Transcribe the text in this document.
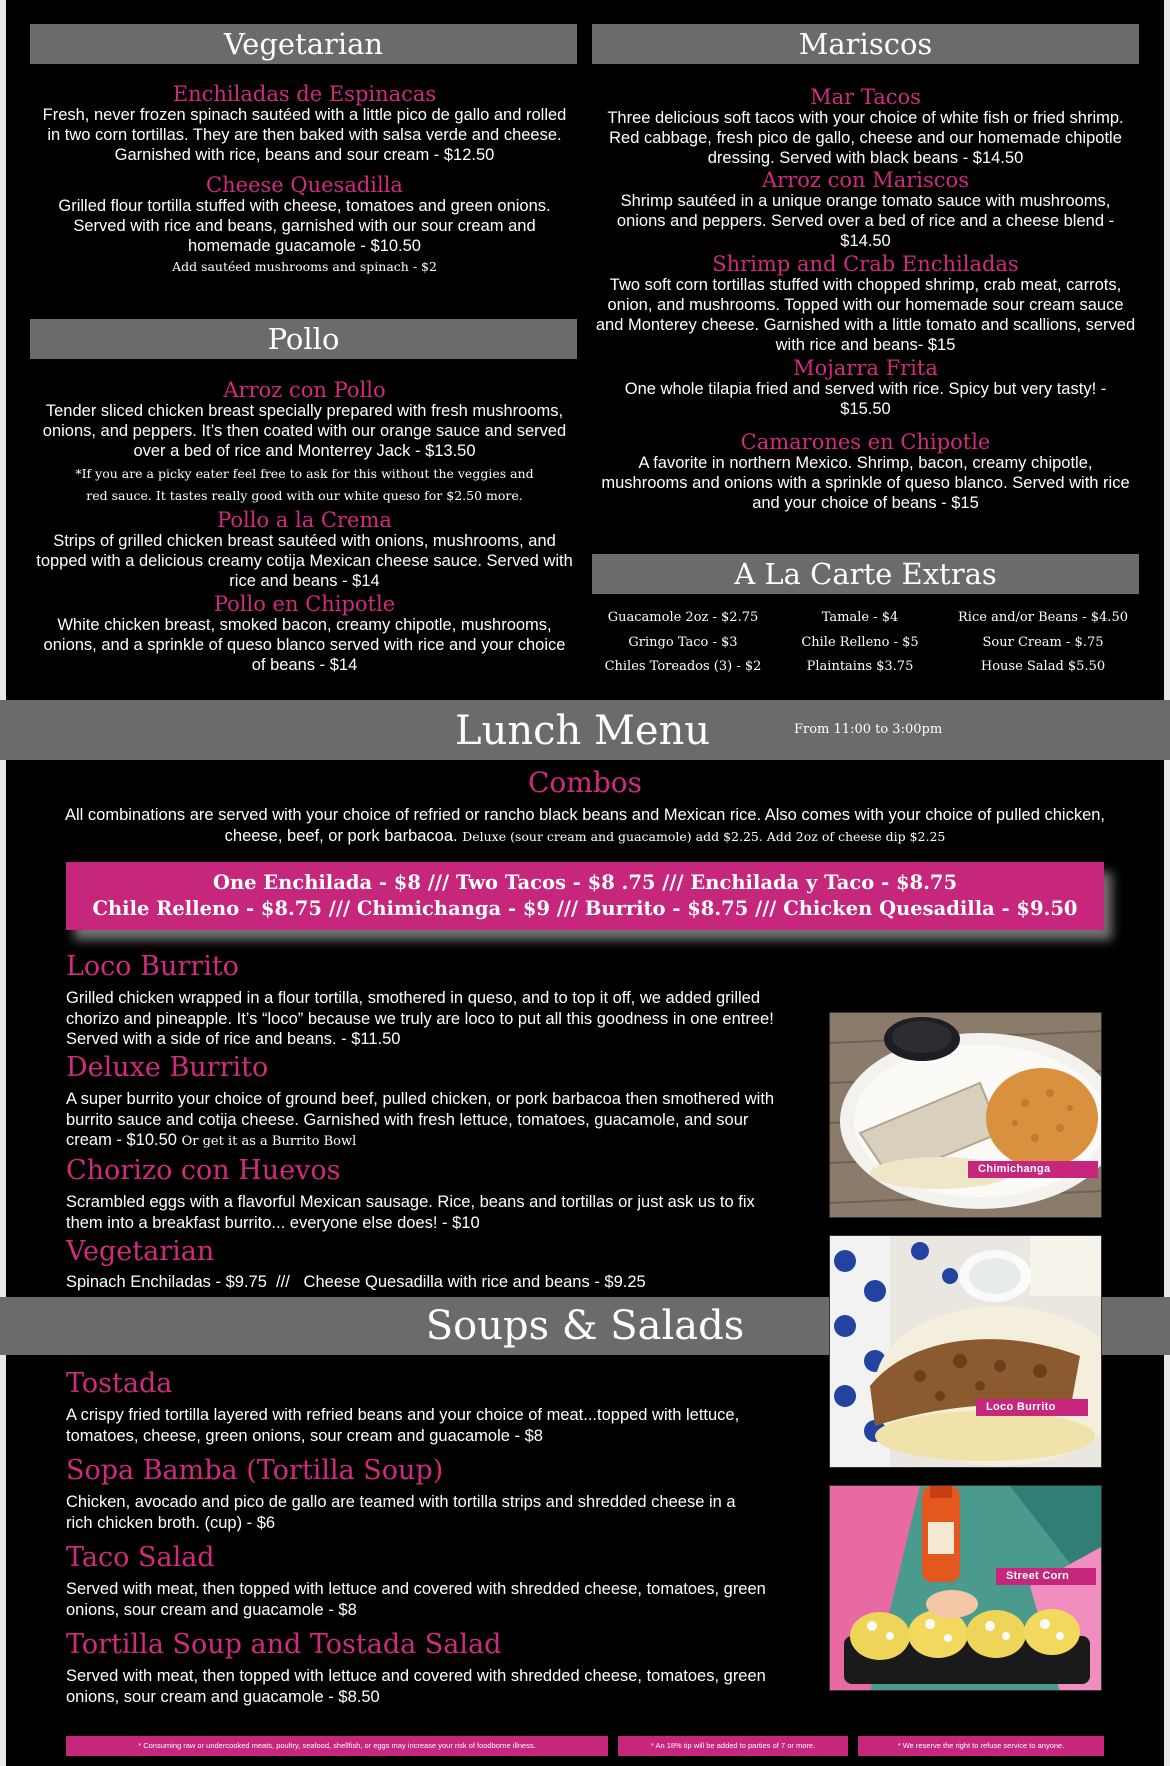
Vegetarian	Mariscos
Enchiladas de Espinacas
Fresh, never frozen spinach sautéed with a little pico de gallo and rolled in two corn tortillas. They are then baked with salsa verde and cheese. Garnished with rice, beans and sour cream - $12.50
Cheese Quesadilla
Grilled flour tortilla stuffed with cheese, tomatoes and green onions. Served with rice and beans, garnished with our sour cream and homemade guacamole - $10.50
Add sautéed mushrooms and spinach - $2
Pollo
Arroz con Pollo
Tender sliced chicken breast specially prepared with fresh mushrooms, onions, and peppers. It’s then coated with our orange sauce and served over a bed of rice and Monterrey Jack - $13.50
*If you are a picky eater feel free to ask for this without the veggies and red sauce. It tastes really good with our white queso for $2.50 more.
Pollo a la Crema
Strips of grilled chicken breast sautéed with onions, mushrooms, and topped with a delicious creamy cotija Mexican cheese sauce. Served with rice and beans - $14
Pollo en Chipotle
White chicken breast, smoked bacon, creamy chipotle, mushrooms, onions, and a sprinkle of queso blanco served with rice and your choice of beans - $14
Mar Tacos
Three delicious soft tacos with your choice of white fish or fried shrimp. Red cabbage, fresh pico de gallo, cheese and our homemade chipotle dressing. Served with black beans - $14.50
Arroz con Mariscos
Shrimp sautéed in a unique orange tomato sauce with mushrooms, onions and peppers. Served over a bed of rice and a cheese blend - $14.50
Shrimp and Crab Enchiladas
Two soft corn tortillas stuffed with chopped shrimp, crab meat, carrots, onion, and mushrooms. Topped with our homemade sour cream sauce and Monterey cheese. Garnished with a little tomato and scallions, served with rice and beans- $15
Mojarra Frita
One whole tilapia fried and served with rice. Spicy but very tasty! - $15.50
Camarones en Chipotle
A favorite in northern Mexico. Shrimp, bacon, creamy chipotle, mushrooms and onions with a sprinkle of queso blanco. Served with rice and your choice of beans - $15
A La Carte Extras
Guacamole 2oz - $2.75	Tamale - $4	Rice and/or Beans - $4.50
Gringo Taco - $3	Chile Relleno - $5	Sour Cream - $.75
Chiles Toreados (3) - $2	Plaintains $3.75	House Salad $5.50
Lunch Menu	From 11:00 to 3:00pm
Combos
All combinations are served with your choice of refried or rancho black beans and Mexican rice. Also comes with your choice of pulled chicken, cheese, beef, or pork barbacoa. Deluxe (sour cream and guacamole) add $2.25. Add 2oz of cheese dip $2.25
One Enchilada - $8 /// Two Tacos - $8 .75 /// Enchilada y Taco - $8.75
Chile Relleno - $8.75 /// Chimichanga - $9 /// Burrito - $8.75 /// Chicken Quesadilla - $9.50
Loco Burrito
Grilled chicken wrapped in a flour tortilla, smothered in queso, and to top it off, we added grilled chorizo and pineapple. It’s “loco” because we truly are loco to put all this goodness in one entree! Served with a side of rice and beans. - $11.50
Deluxe Burrito
A super burrito your choice of ground beef, pulled chicken, or pork barbacoa then smothered with burrito sauce and cotija cheese. Garnished with fresh lettuce, tomatoes, guacamole, and sour cream - $10.50 Or get it as a Burrito Bowl
Chorizo con Huevos
Scrambled eggs with a flavorful Mexican sausage. Rice, beans and tortillas or just ask us to fix them into a breakfast burrito... everyone else does! - $10
Vegetarian
Spinach Enchiladas - $9.75  ///   Cheese Quesadilla with rice and beans - $9.25
Soups & Salads
Tostada
A crispy fried tortilla layered with refried beans and your choice of meat...topped with lettuce, tomatoes, cheese, green onions, sour cream and guacamole - $8
Sopa Bamba (Tortilla Soup)
Chicken, avocado and pico de gallo are teamed with tortilla strips and shredded cheese in a rich chicken broth. (cup) - $6
Taco Salad
Served with meat, then topped with lettuce and covered with shredded cheese, tomatoes, green onions, sour cream and guacamole - $8
Tortilla Soup and Tostada Salad
Served with meat, then topped with lettuce and covered with shredded cheese, tomatoes, green onions, sour cream and guacamole - $8.50
Chimichanga
Loco Burrito
Street Corn
* Consuming raw or undercooked meats, poultry, seafood, shellfish, or eggs may increase your risk of foodborne illness.	* An 18% tip will be added to parties of 7 or more.	* We reserve the right to refuse service to anyone.
